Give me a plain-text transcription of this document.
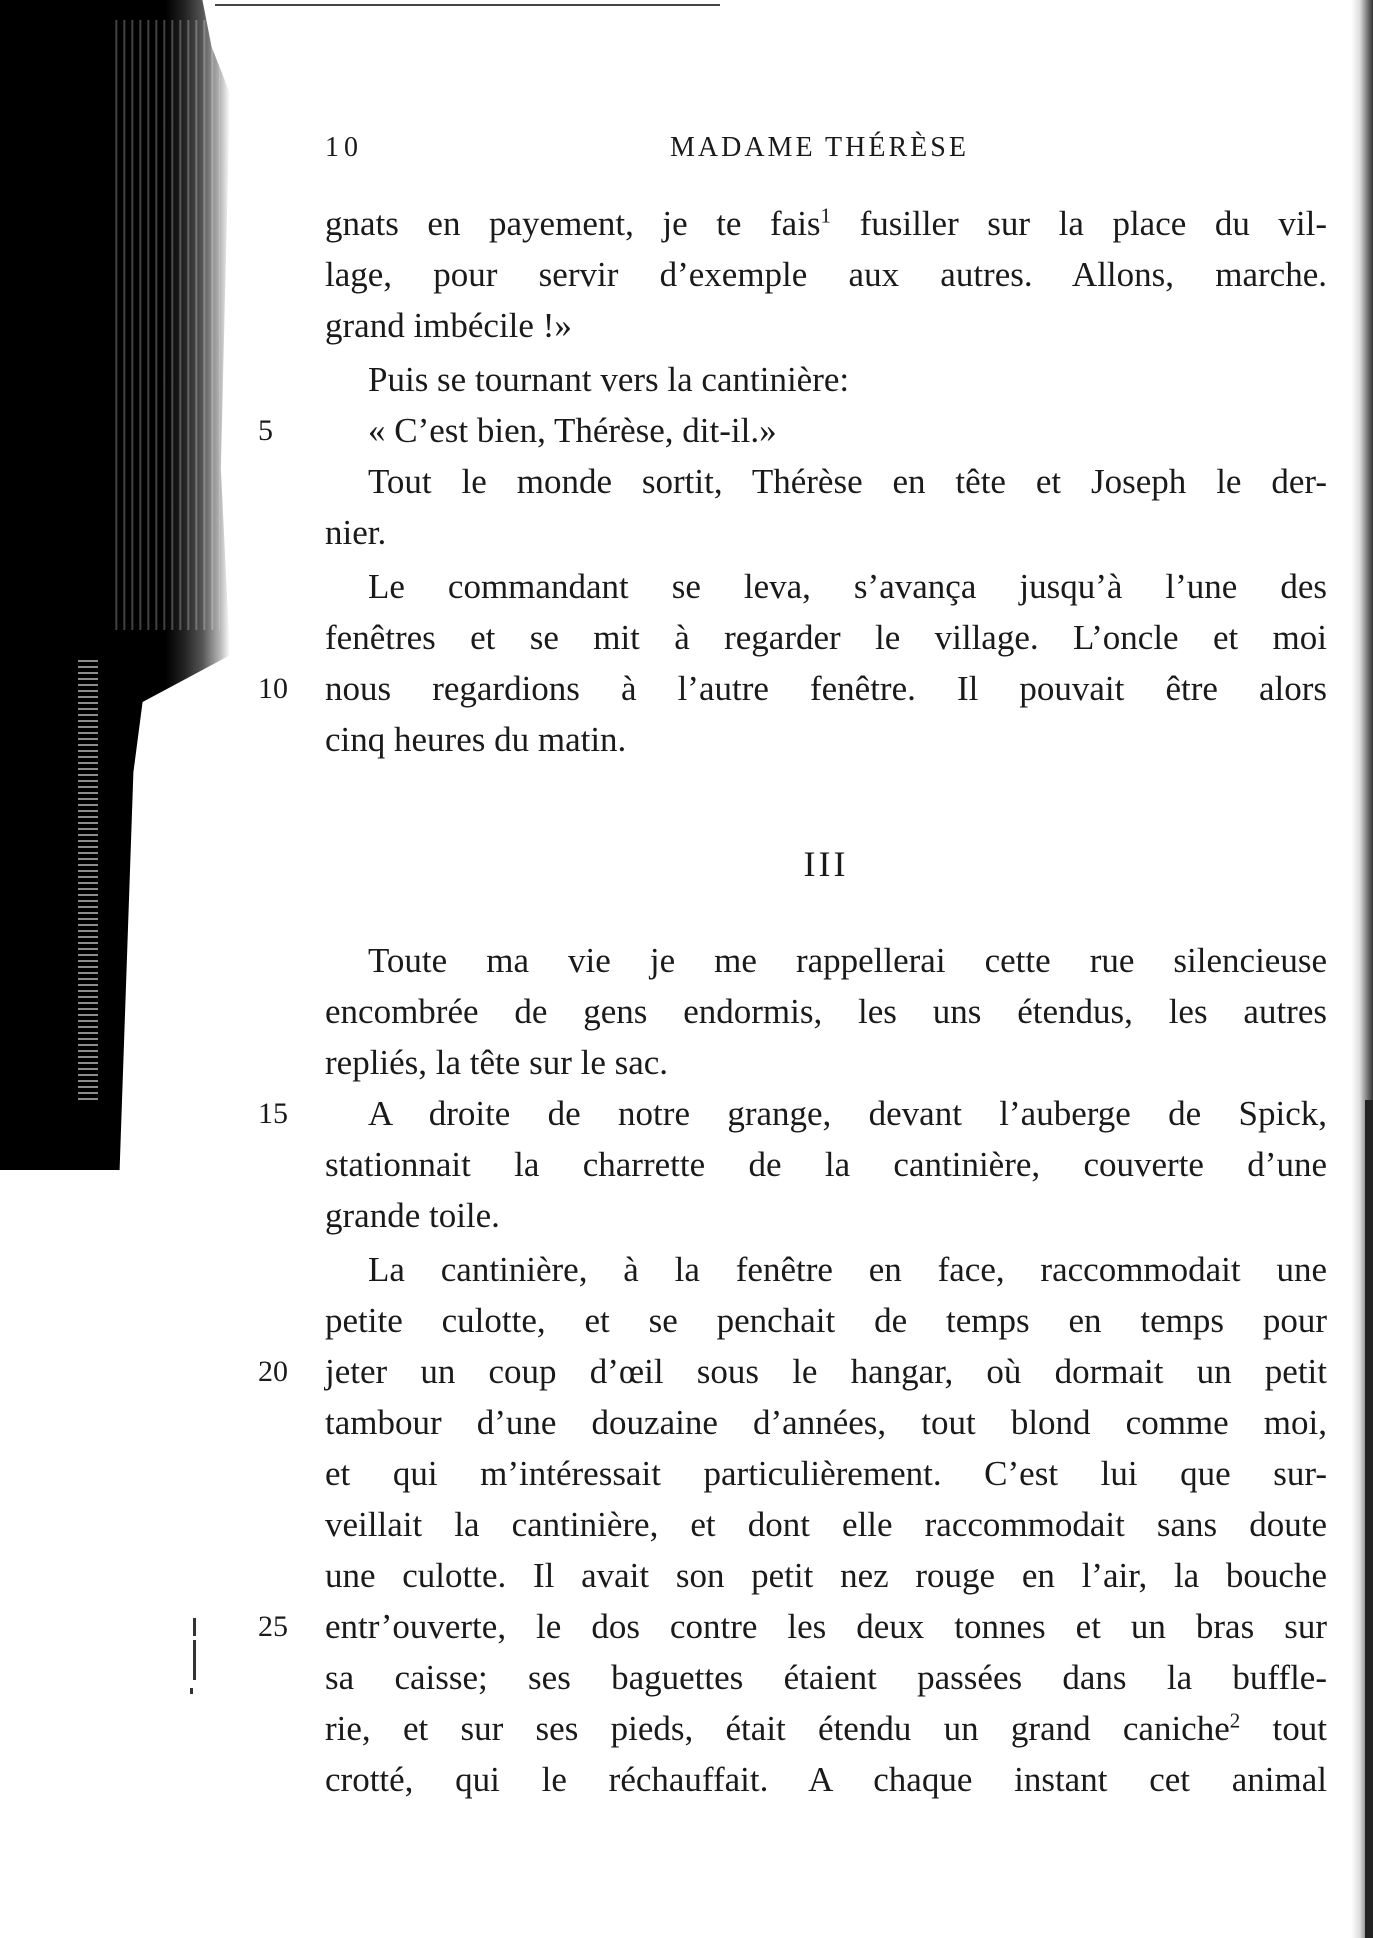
10	MADAME THÉRÈSE
gnats en payement, je te fais$^1$ fusiller sur la place du vil-
lage, pour servir d’exemple aux autres. Allons, marche.
grand imbécile !»
Puis se tournant vers la cantinière:
5	« C’est bien, Thérèse, dit-il.»
Tout le monde sortit, Thérèse en tête et Joseph le der-
nier.
Le commandant se leva, s’avança jusqu’à l’une des
fenêtres et se mit à regarder le village. L’oncle et moi
10 nous regardions à l’autre fenêtre. Il pouvait être alors
cinq heures du matin.
III
Toute ma vie je me rappellerai cette rue silencieuse
encombrée de gens endormis, les uns étendus, les autres
repliés, la tête sur le sac.
15 A droite de notre grange, devant l’auberge de Spick,
stationnait la charrette de la cantinière, couverte d’une
grande toile.
La cantinière, à la fenêtre en face, raccommodait une
petite culotte, et se penchait de temps en temps pour
20 jeter un coup d’œil sous le hangar, où dormait un petit
tambour d’une douzaine d’années, tout blond comme moi,
et qui m’intéressait particulièrement. C’est lui que sur-
veillait la cantinière, et dont elle raccommodait sans doute
une culotte. Il avait son petit nez rouge en l’air, la bouche
25 entr’ouverte, le dos contre les deux tonnes et un bras sur
sa caisse; ses baguettes étaient passées dans la buffle-
rie, et sur ses pieds, était étendu un grand caniche$^2$ tout
crotté, qui le réchauffait. A chaque instant cet animal
